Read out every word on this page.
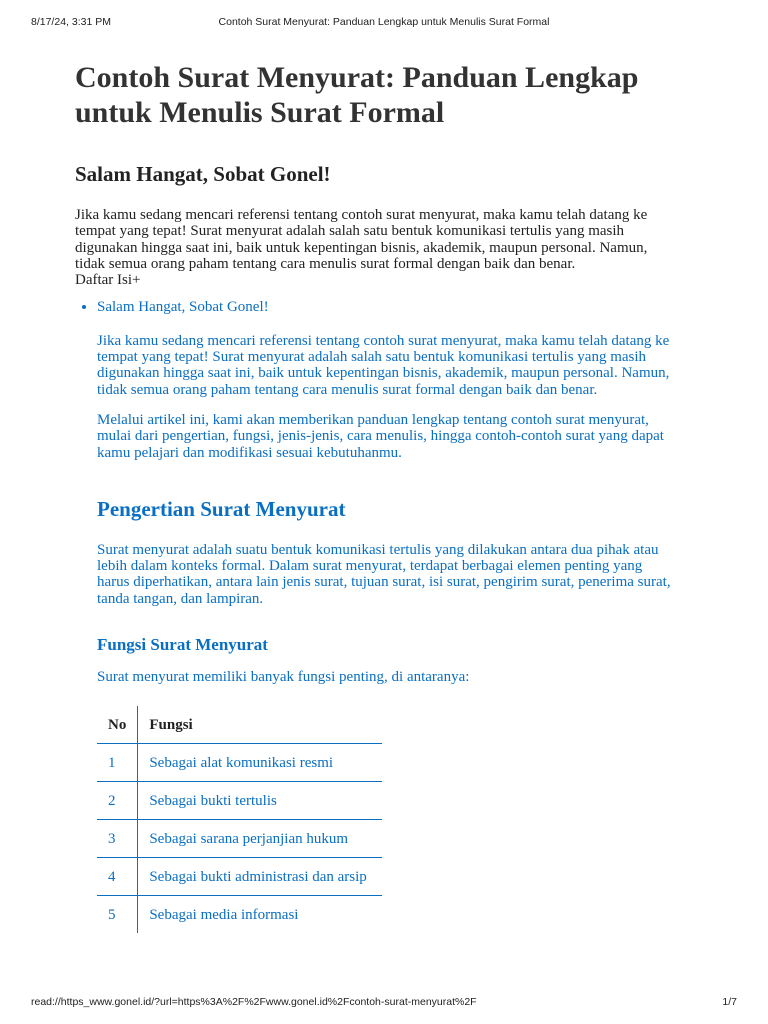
8/17/24, 3:31 PM	Contoh Surat Menyurat: Panduan Lengkap untuk Menulis Surat Formal
Contoh Surat Menyurat: Panduan Lengkap untuk Menulis Surat Formal
Salam Hangat, Sobat Gonel!

Jika kamu sedang mencari referensi tentang contoh surat menyurat, maka kamu telah datang ke tempat yang tepat! Surat menyurat adalah salah satu bentuk komunikasi tertulis yang masih digunakan hingga saat ini, baik untuk kepentingan bisnis, akademik, maupun personal. Namun, tidak semua orang paham tentang cara menulis surat formal dengan baik dan benar.
Daftar Isi+

• Salam Hangat, Sobat Gonel!

Jika kamu sedang mencari referensi tentang contoh surat menyurat, maka kamu telah datang ke tempat yang tepat! Surat menyurat adalah salah satu bentuk komunikasi tertulis yang masih digunakan hingga saat ini, baik untuk kepentingan bisnis, akademik, maupun personal. Namun, tidak semua orang paham tentang cara menulis surat formal dengan baik dan benar.

Melalui artikel ini, kami akan memberikan panduan lengkap tentang contoh surat menyurat, mulai dari pengertian, fungsi, jenis-jenis, cara menulis, hingga contoh-contoh surat yang dapat kamu pelajari dan modifikasi sesuai kebutuhanmu.

Pengertian Surat Menyurat

Surat menyurat adalah suatu bentuk komunikasi tertulis yang dilakukan antara dua pihak atau lebih dalam konteks formal. Dalam surat menyurat, terdapat berbagai elemen penting yang harus diperhatikan, antara lain jenis surat, tujuan surat, isi surat, pengirim surat, penerima surat, tanda tangan, dan lampiran.

Fungsi Surat Menyurat

Surat menyurat memiliki banyak fungsi penting, di antaranya:

No	Fungsi
1	Sebagai alat komunikasi resmi
2	Sebagai bukti tertulis
3	Sebagai sarana perjanjian hukum
4	Sebagai bukti administrasi dan arsip
5	Sebagai media informasi
read://https_www.gonel.id/?url=https%3A%2F%2Fwww.gonel.id%2Fcontoh-surat-menyurat%2F	1/7
